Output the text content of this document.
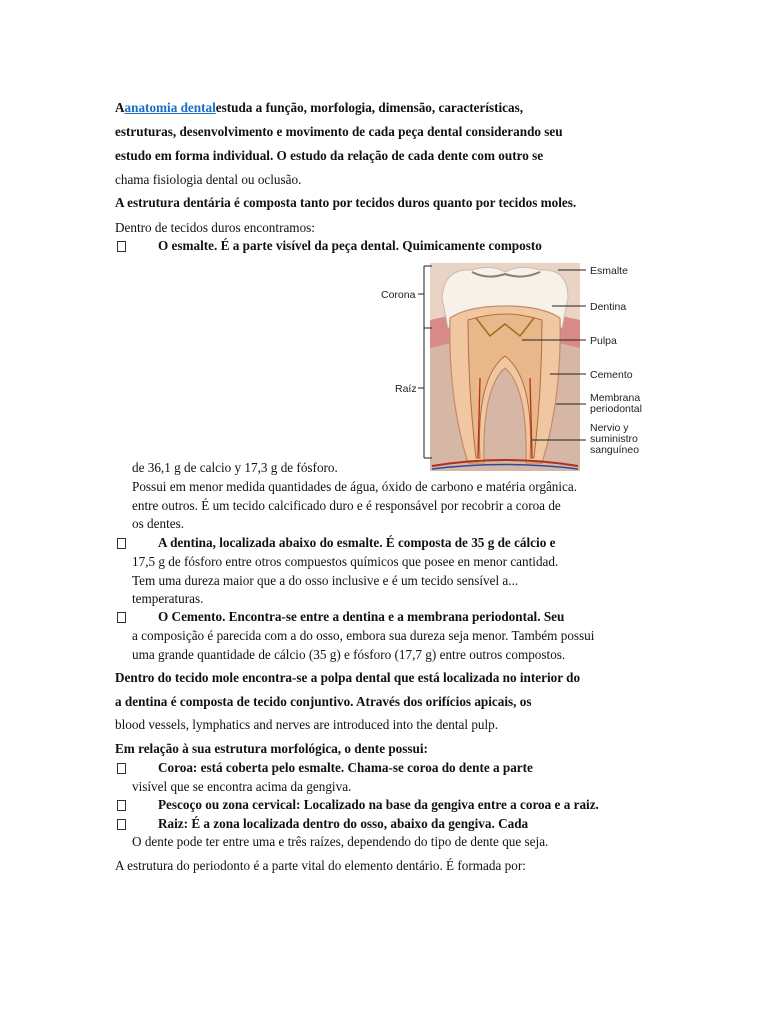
Aanatomia dentalestuda a função, morfologia, dimensão, características,
estruturas, desenvolvimento e movimento de cada peça dental considerando seu
estudo em forma individual. O estudo da relação de cada dente com outro se
chama fisiologia dental ou oclusão.
A estrutura dentária é composta tanto por tecidos duros quanto por tecidos moles.
Dentro de tecidos duros encontramos:
O esmalte. É a parte visível da peça dental. Quimicamente composto
Corona
Raíz
Esmalte
Dentina
Pulpa
Cemento
Membrana
periodontal
Nervio y
suministro
sanguíneo
de 36,1 g de calcio y 17,3 g de fósforo.
Possui em menor medida quantidades de água, óxido de carbono e matéria orgânica.
entre outros. É um tecido calcificado duro e é responsável por recobrir a coroa de
os dentes.
A dentina, localizada abaixo do esmalte. É composta de 35 g de cálcio e
17,5 g de fósforo entre otros compuestos químicos que posee en menor cantidad.
Tem uma dureza maior que a do osso inclusive e é um tecido sensível a...
temperaturas.
O Cemento. Encontra-se entre a dentina e a membrana periodontal. Seu
a composição é parecida com a do osso, embora sua dureza seja menor. Também possui
uma grande quantidade de cálcio (35 g) e fósforo (17,7 g) entre outros compostos.
Dentro do tecido mole encontra-se a polpa dental que está localizada no interior do
a dentina é composta de tecido conjuntivo. Através dos orifícios apicais, os
blood vessels, lymphatics and nerves are introduced into the dental pulp.
Em relação à sua estrutura morfológica, o dente possui:
Coroa: está coberta pelo esmalte. Chama-se coroa do dente a parte
visível que se encontra acima da gengiva.
Pescoço ou zona cervical: Localizado na base da gengiva entre a coroa e a raiz.
Raiz: É a zona localizada dentro do osso, abaixo da gengiva. Cada
O dente pode ter entre uma e três raízes, dependendo do tipo de dente que seja.
A estrutura do periodonto é a parte vital do elemento dentário. É formada por:
